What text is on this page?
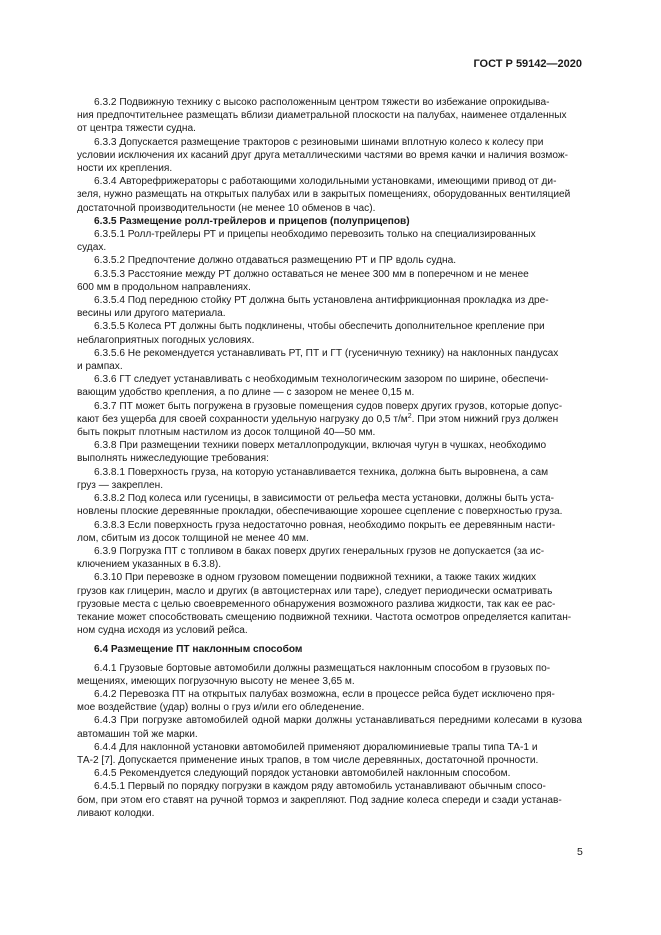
ГОСТ Р 59142—2020

6.3.2 Подвижную технику с высоко расположенным центром тяжести во избежание опрокидыва-
ния предпочтительнее размещать вблизи диаметральной плоскости на палубах, наименее отдаленных
от центра тяжести судна.

6.3.3 Допускается размещение тракторов с резиновыми шинами вплотную колесо к колесу при
условии исключения их касаний друг друга металлическими частями во время качки и наличия возмож-
ности их крепления.

6.3.4 Авторефрижераторы с работающими холодильными установками, имеющими привод от ди-
зеля, нужно размещать на открытых палубах или в закрытых помещениях, оборудованных вентиляцией
достаточной производительности (не менее 10 обменов в час).

6.3.5 Размещение ролл-трейлеров и прицепов (полуприцепов)

6.3.5.1 Ролл-трейлеры РТ и прицепы необходимо перевозить только на специализированных
судах.

6.3.5.2 Предпочтение должно отдаваться размещению РТ и ПР вдоль судна.

6.3.5.3 Расстояние между РТ должно оставаться не менее 300 мм в поперечном и не менее
600 мм в продольном направлениях.

6.3.5.4 Под переднюю стойку РТ должна быть установлена антифрикционная прокладка из дре-
весины или другого материала.

6.3.5.5 Колеса РТ должны быть подклинены, чтобы обеспечить дополнительное крепление при
неблагоприятных погодных условиях.

6.3.5.6 Не рекомендуется устанавливать РТ, ПТ и ГТ (гусеничную технику) на наклонных пандусах
и рампах.

6.3.6 ГТ следует устанавливать с необходимым технологическим зазором по ширине, обеспечи-
вающим удобство крепления, а по длине — с зазором не менее 0,15 м.

6.3.7 ПТ может быть погружена в грузовые помещения судов поверх других грузов, которые допус-
кают без ущерба для своей сохранности удельную нагрузку до 0,5 $т/м^2$. При этом нижний груз должен
быть покрыт плотным настилом из досок толщиной 40—50 мм.

6.3.8 При размещении техники поверх металлопродукции, включая чугун в чушках, необходимо
выполнять нижеследующие требования:

6.3.8.1 Поверхность груза, на которую устанавливается техника, должна быть выровнена, а сам
груз — закреплен.

6.3.8.2 Под колеса или гусеницы, в зависимости от рельефа места установки, должны быть уста-
новлены плоские деревянные прокладки, обеспечивающие хорошее сцепление с поверхностью груза.

6.3.8.3 Если поверхность груза недостаточно ровная, необходимо покрыть ее деревянным насти-
лом, сбитым из досок толщиной не менее 40 мм.

6.3.9 Погрузка ПТ с топливом в баках поверх других генеральных грузов не допускается (за ис-
ключением указанных в 6.3.8).

6.3.10 При перевозке в одном грузовом помещении подвижной техники, а также таких жидких
грузов как глицерин, масло и других (в автоцистернах или таре), следует периодически осматривать
грузовые места с целью своевременного обнаружения возможного разлива жидкости, так как ее рас-
текание может способствовать смещению подвижной техники. Частота осмотров определяется капитан-
ном судна исходя из условий рейса.

6.4 Размещение ПТ наклонным способом

6.4.1 Грузовые бортовые автомобили должны размещаться наклонным способом в грузовых по-
мещениях, имеющих погрузочную высоту не менее 3,65 м.

6.4.2 Перевозка ПТ на открытых палубах возможна, если в процессе рейса будет исключено пря-
мое воздействие (удар) волны о груз и/или его обледенение.

6.4.3 При погрузке автомобилей одной марки должны устанавливаться передними колесами в кузова автомашин той же марки.

6.4.4 Для наклонной установки автомобилей применяют дюралюминиевые трапы типа ТА-1 и
ТА-2 [7]. Допускается применение иных трапов, в том числе деревянных, достаточной прочности.

6.4.5 Рекомендуется следующий порядок установки автомобилей наклонным способом.

6.4.5.1 Первый по порядку погрузки в каждом ряду автомобиль устанавливают обычным спосо-
бом, при этом его ставят на ручной тормоз и закрепляют. Под задние колеса спереди и сзади устанав-
ливают колодки.

5
